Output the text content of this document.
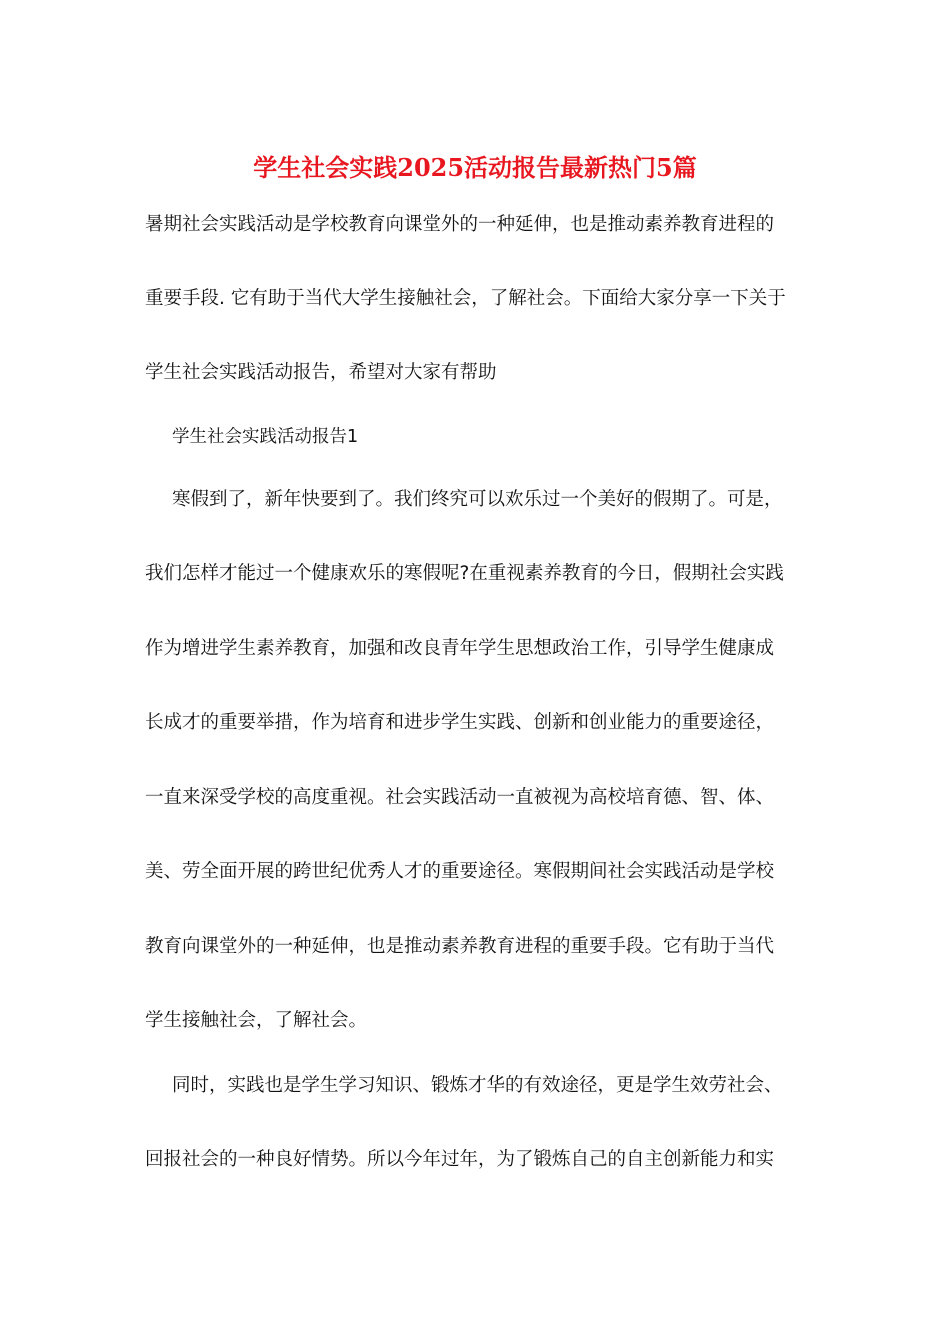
学生社会实践2025活动报告最新热门5篇
暑期社会实践活动是学校教育向课堂外的一种延伸，也是推动素养教育进程的
重要手段. 它有助于当代大学生接触社会，了解社会。下面给大家分享一下关于
学生社会实践活动报告，希望对大家有帮助
学生社会实践活动报告1
寒假到了，新年快要到了。我们终究可以欢乐过一个美好的假期了。可是，
我们怎样才能过一个健康欢乐的寒假呢?在重视素养教育的今日，假期社会实践
作为增进学生素养教育，加强和改良青年学生思想政治工作，引导学生健康成
长成才的重要举措，作为培育和进步学生实践、创新和创业能力的重要途径，
一直来深受学校的高度重视。社会实践活动一直被视为高校培育德、智、体、
美、劳全面开展的跨世纪优秀人才的重要途径。寒假期间社会实践活动是学校
教育向课堂外的一种延伸，也是推动素养教育进程的重要手段。它有助于当代
学生接触社会，了解社会。
同时，实践也是学生学习知识、锻炼才华的有效途径，更是学生效劳社会、
回报社会的一种良好情势。所以今年过年，为了锻炼自己的自主创新能力和实
